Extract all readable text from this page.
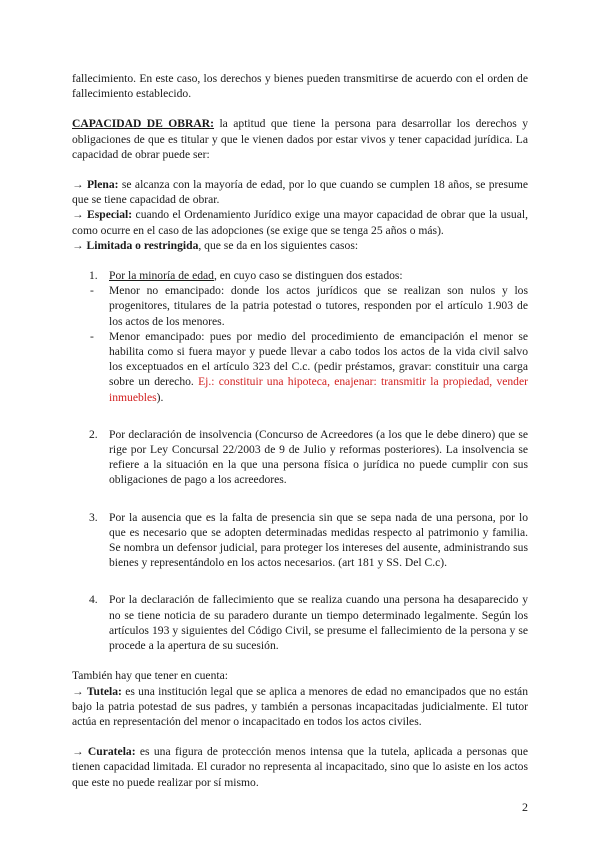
fallecimiento. En este caso, los derechos y bienes pueden transmitirse de acuerdo con el orden de fallecimiento establecido.

CAPACIDAD DE OBRAR: la aptitud que tiene la persona para desarrollar los derechos y obligaciones de que es titular y que le vienen dados por estar vivos y tener capacidad jurídica. La capacidad de obrar puede ser:

→ Plena: se alcanza con la mayoría de edad, por lo que cuando se cumplen 18 años, se presume que se tiene capacidad de obrar.

→ Especial: cuando el Ordenamiento Jurídico exige una mayor capacidad de obrar que la usual, como ocurre en el caso de las adopciones (se exige que se tenga 25 años o más).

→ Limitada o restringida, que se da en los siguientes casos:

1. Por la minoría de edad, en cuyo caso se distinguen dos estados:

-	Menor no emancipado: donde los actos jurídicos que se realizan son nulos y los progenitores, titulares de la patria potestad o tutores, responden por el artículo 1.903 de los actos de los menores.

-	Menor emancipado: pues por medio del procedimiento de emancipación el menor se habilita como si fuera mayor y puede llevar a cabo todos los actos de la vida civil salvo los exceptuados en el artículo 323 del C.c. (pedir préstamos, gravar: constituir una carga sobre un derecho. Ej.: constituir una hipoteca, enajenar: transmitir la propiedad, vender inmuebles).

2. Por declaración de insolvencia (Concurso de Acreedores (a los que le debe dinero) que se rige por Ley Concursal 22/2003 de 9 de Julio y reformas posteriores). La insolvencia se refiere a la situación en la que una persona física o jurídica no puede cumplir con sus obligaciones de pago a los acreedores.

3. Por la ausencia que es la falta de presencia sin que se sepa nada de una persona, por lo que es necesario que se adopten determinadas medidas respecto al patrimonio y familia. Se nombra un defensor judicial, para proteger los intereses del ausente, administrando sus bienes y representándolo en los actos necesarios. (art 181 y SS. Del C.c).

4. Por la declaración de fallecimiento que se realiza cuando una persona ha desaparecido y no se tiene noticia de su paradero durante un tiempo determinado legalmente. Según los artículos 193 y siguientes del Código Civil, se presume el fallecimiento de la persona y se procede a la apertura de su sucesión.

También hay que tener en cuenta:

→ Tutela: es una institución legal que se aplica a menores de edad no emancipados que no están bajo la patria potestad de sus padres, y también a personas incapacitadas judicialmente. El tutor actúa en representación del menor o incapacitado en todos los actos civiles.

→ Curatela: es una figura de protección menos intensa que la tutela, aplicada a personas que tienen capacidad limitada. El curador no representa al incapacitado, sino que lo asiste en los actos que este no puede realizar por sí mismo.

2
